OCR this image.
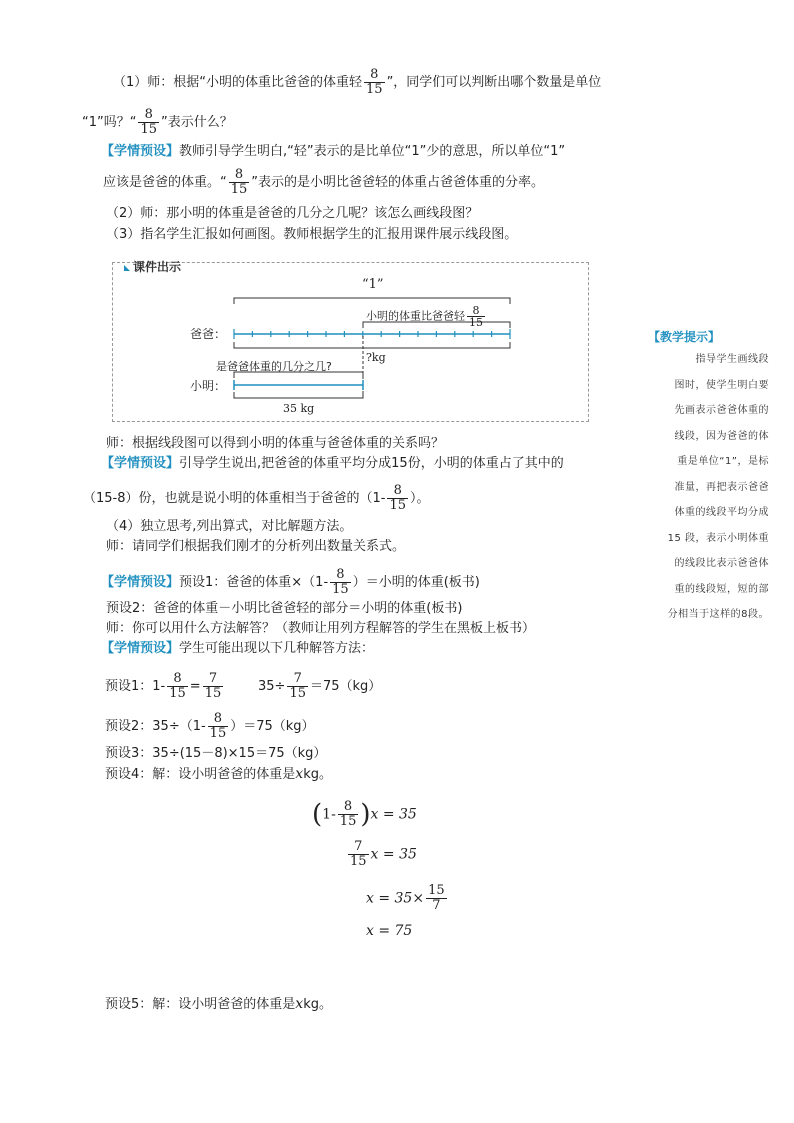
（1）师：根据“小明的体重比爸爸的体重轻 $\frac{8}{15}$ ”，同学们可以判断出哪个数量是单位
“1”吗？“ $\frac{8}{15}$ ”表示什么？
【学情预设】教师引导学生明白,“轻”表示的是比单位“1”少的意思，所以单位“1”
应该是爸爸的体重。“ $\frac{8}{15}$ ”表示的是小明比爸爸轻的体重占爸爸体重的分率。
（2）师：那小明的体重是爸爸的几分之几呢？该怎么画线段图？
（3）指名学生汇报如何画图。教师根据学生的汇报用课件展示线段图。
课件出示
“1”
小明的体重比爸爸轻 $\frac{8}{15}$
爸爸：
?kg
是爸爸体重的几分之几?
小明：
35 kg
师：根据线段图可以得到小明的体重与爸爸体重的关系吗？
【学情预设】引导学生说出,把爸爸的体重平均分成15份，小明的体重占了其中的
（15-8）份，也就是说小明的体重相当于爸爸的（$1- \frac{8}{15}$ ）。
（4）独立思考,列出算式，对比解题方法。
师：请同学们根据我们刚才的分析列出数量关系式。
【学情预设】预设1：爸爸的体重$\times(1- \frac{8}{15}$ ）＝小明的体重(板书)
预设2：爸爸的体重－小明比爸爸轻的部分＝小明的体重(板书)
师：你可以用什么方法解答？（教师让用列方程解答的学生在黑板上板书）
【学情预设】学生可能出现以下几种解答方法：
预设1：$1- \frac{8}{15} = \frac{7}{15}$	$35\div \frac{7}{15} =75(kg)$
预设2：$35\div(1- \frac{8}{15} )=75(kg)$
预设3：35÷(15－8)×15＝75（kg）
预设4：解：设小明爸爸的体重是xkg。
$(1- \frac{8}{15} )x = 35$
$\frac{7}{15}$ x = 35
$x = 35\times \frac{15}{7}$
x = 75
预设5：解：设小明爸爸的体重是xkg。
【教学提示】
指导学生画线段
图时，使学生明白要
先画表示爸爸体重的
线段，因为爸爸的体
重是单位“1”，是标
准量，再把表示爸爸
体重的线段平均分成
15 段，表示小明体重
的线段比表示爸爸体
重的线段短，短的部
分相当于这样的8段。
